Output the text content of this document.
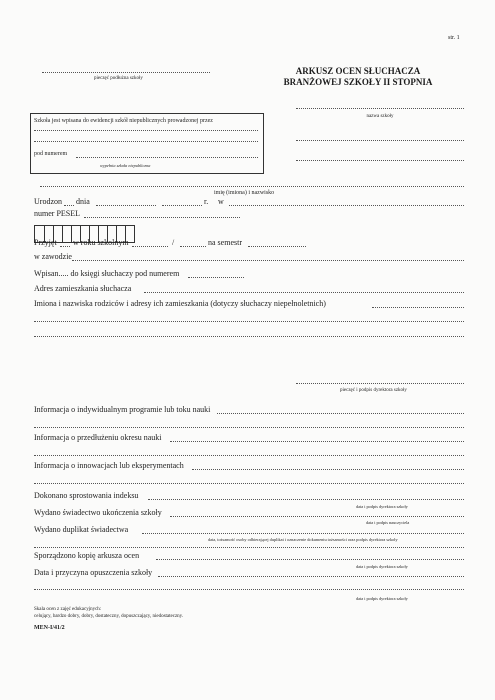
str. 1
pieczęć podłużna szkoły
ARKUSZ OCEN SŁUCHACZA
BRANŻOWEJ SZKOŁY II STOPNIA
nazwa szkoły
Szkoła jest wpisana do ewidencji szkół niepublicznych prowadzonej przez
pod numerem
wypełnia szkoła niepubliczna
imię (imiona) i nazwisko
Urodzon dnia	r. w
numer PESEL
Przyjęt w roku szkolnym	/	na semestr
w zawodzie
Wpisan..... do księgi słuchaczy pod numerem
Adres zamieszkania słuchacza
Imiona i nazwiska rodziców i adresy ich zamieszkania (dotyczy słuchaczy niepełnoletnich)
pieczęć i podpis dyrektora szkoły
Informacja o indywidualnym programie lub toku nauki
Informacja o przedłużeniu okresu nauki
Informacja o innowacjach lub eksperymentach
Dokonano sprostowania indeksu
data i podpis dyrektora szkoły
Wydano świadectwo ukończenia szkoły
data i podpis nauczyciela
Wydano duplikat świadectwa
data, tożsamość osoby odbierającej duplikat i oznaczenie dokumentu tożsamości oraz podpis dyrektora szkoły
Sporządzono kopię arkusza ocen
data i podpis dyrektora szkoły
Data i przyczyna opuszczenia szkoły
data i podpis dyrektora szkoły
Skala ocen z zajęć edukacyjnych:
celujący, bardzo dobry, dobry, dostateczny, dopuszczający, niedostateczny.
MEN-I/41/2
